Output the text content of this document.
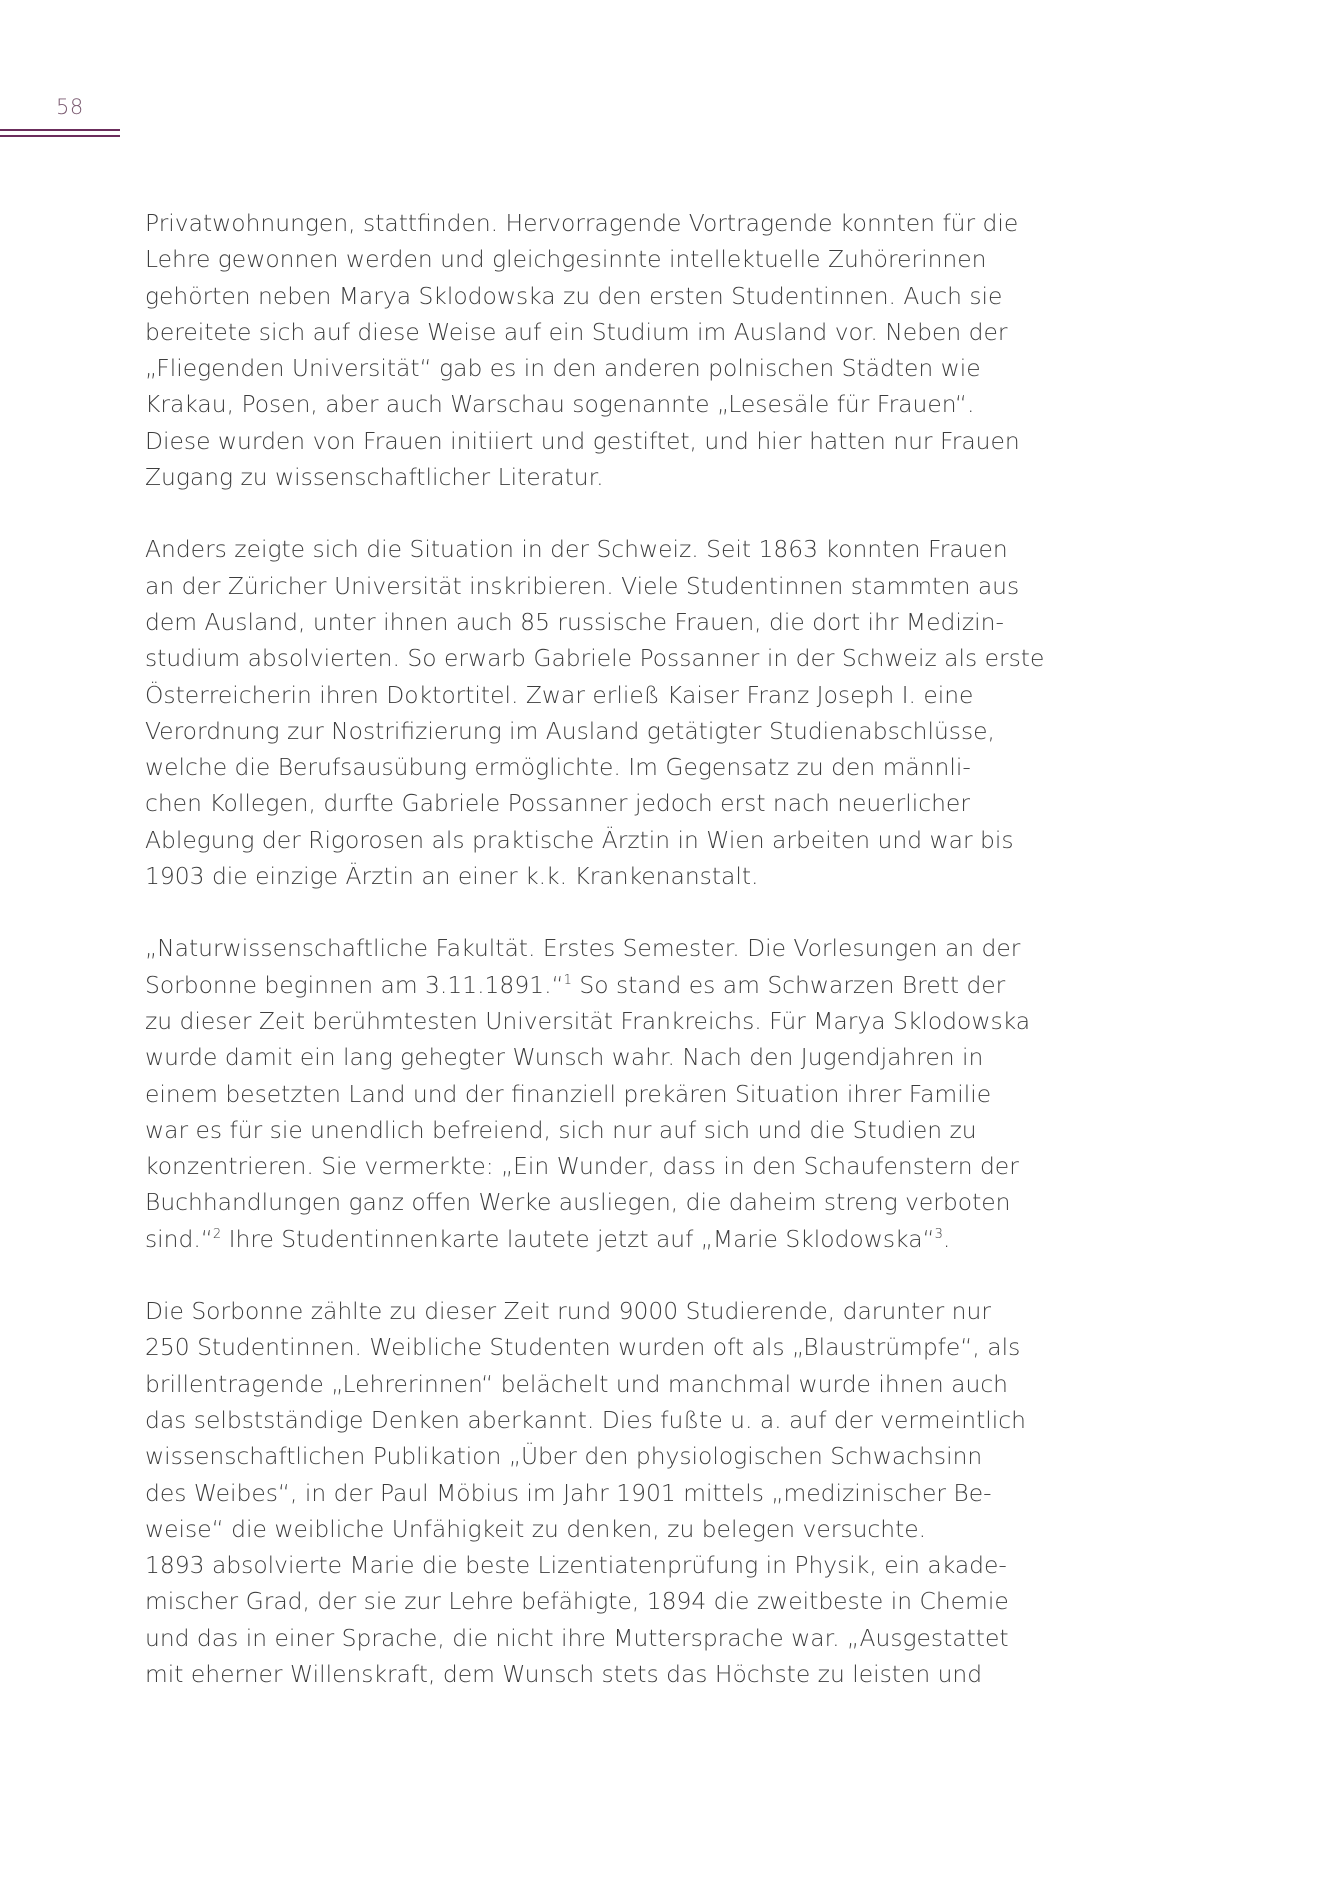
58

Privatwohnungen, stattfinden. Hervorragende Vortragende konnten für die
Lehre gewonnen werden und gleichgesinnte intellektuelle Zuhörerinnen
gehörten neben Marya Sklodowska zu den ersten Studentinnen. Auch sie
bereitete sich auf diese Weise auf ein Studium im Ausland vor. Neben der
„Fliegenden Universität“ gab es in den anderen polnischen Städten wie
Krakau, Posen, aber auch Warschau sogenannte „Lesesäle für Frauen“.
Diese wurden von Frauen initiiert und gestiftet, und hier hatten nur Frauen
Zugang zu wissenschaftlicher Literatur.

Anders zeigte sich die Situation in der Schweiz. Seit 1863 konnten Frauen
an der Züricher Universität inskribieren. Viele Studentinnen stammten aus
dem Ausland, unter ihnen auch 85 russische Frauen, die dort ihr Medizin-
studium absolvierten. So erwarb Gabriele Possanner in der Schweiz als erste
Österreicherin ihren Doktortitel. Zwar erließ Kaiser Franz Joseph I. eine
Verordnung zur Nostrifizierung im Ausland getätigter Studienabschlüsse,
welche die Berufsausübung ermöglichte. Im Gegensatz zu den männli-
chen Kollegen, durfte Gabriele Possanner jedoch erst nach neuerlicher
Ablegung der Rigorosen als praktische Ärztin in Wien arbeiten und war bis
1903 die einzige Ärztin an einer k.k. Krankenanstalt.

„Naturwissenschaftliche Fakultät. Erstes Semester. Die Vorlesungen an der
Sorbonne beginnen am 3.11.1891.“$^1$ So stand es am Schwarzen Brett der
zu dieser Zeit berühmtesten Universität Frankreichs. Für Marya Sklodowska
wurde damit ein lang gehegter Wunsch wahr. Nach den Jugendjahren in
einem besetzten Land und der finanziell prekären Situation ihrer Familie
war es für sie unendlich befreiend, sich nur auf sich und die Studien zu
konzentrieren. Sie vermerkte: „Ein Wunder, dass in den Schaufenstern der
Buchhandlungen ganz offen Werke ausliegen, die daheim streng verboten
sind.“$^2$ Ihre Studentinnenkarte lautete jetzt auf „Marie Sklodowska“$^3$.

Die Sorbonne zählte zu dieser Zeit rund 9000 Studierende, darunter nur
250 Studentinnen. Weibliche Studenten wurden oft als „Blaustrümpfe“, als
brillentragende „Lehrerinnen“ belächelt und manchmal wurde ihnen auch
das selbstständige Denken aberkannt. Dies fußte u. a. auf der vermeintlich
wissenschaftlichen Publikation „Über den physiologischen Schwachsinn
des Weibes“, in der Paul Möbius im Jahr 1901 mittels „medizinischer Be-
weise“ die weibliche Unfähigkeit zu denken, zu belegen versuchte.
1893 absolvierte Marie die beste Lizentiatenprüfung in Physik, ein akade-
mischer Grad, der sie zur Lehre befähigte, 1894 die zweitbeste in Chemie
und das in einer Sprache, die nicht ihre Muttersprache war. „Ausgestattet
mit eherner Willenskraft, dem Wunsch stets das Höchste zu leisten und
